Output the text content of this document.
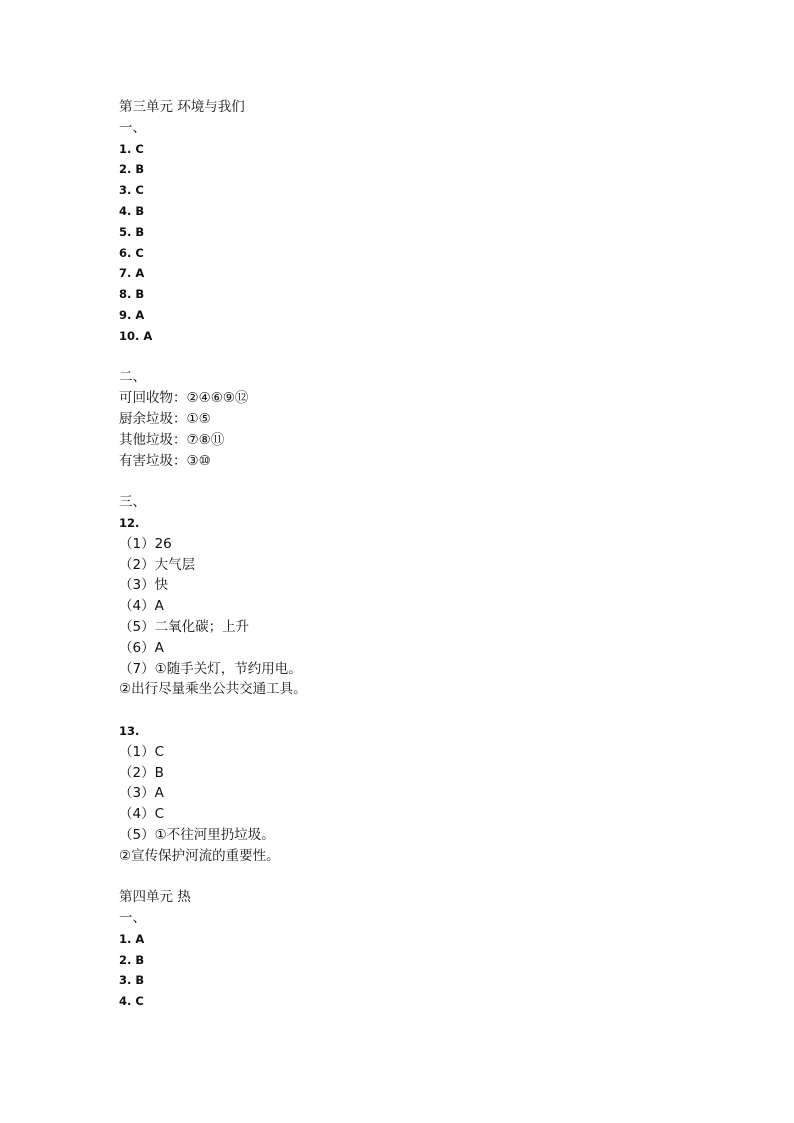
第三单元 环境与我们
一、
1. C
2. B
3. C
4. B
5. B
6. C
7. A
8. B
9. A
10. A
二、
可回收物：②④⑥⑨⑫
厨余垃圾：①⑤
其他垃圾：⑦⑧⑪
有害垃圾：③⑩
三、
12.
（1）26
（2）大气层
（3）快
（4）A
（5）二氧化碳；上升
（6）A
（7）①随手关灯，节约用电。
②出行尽量乘坐公共交通工具。
13.
（1）C
（2）B
（3）A
（4）C
（5）①不往河里扔垃圾。
②宣传保护河流的重要性。
第四单元 热
一、
1. A
2. B
3. B
4. C
